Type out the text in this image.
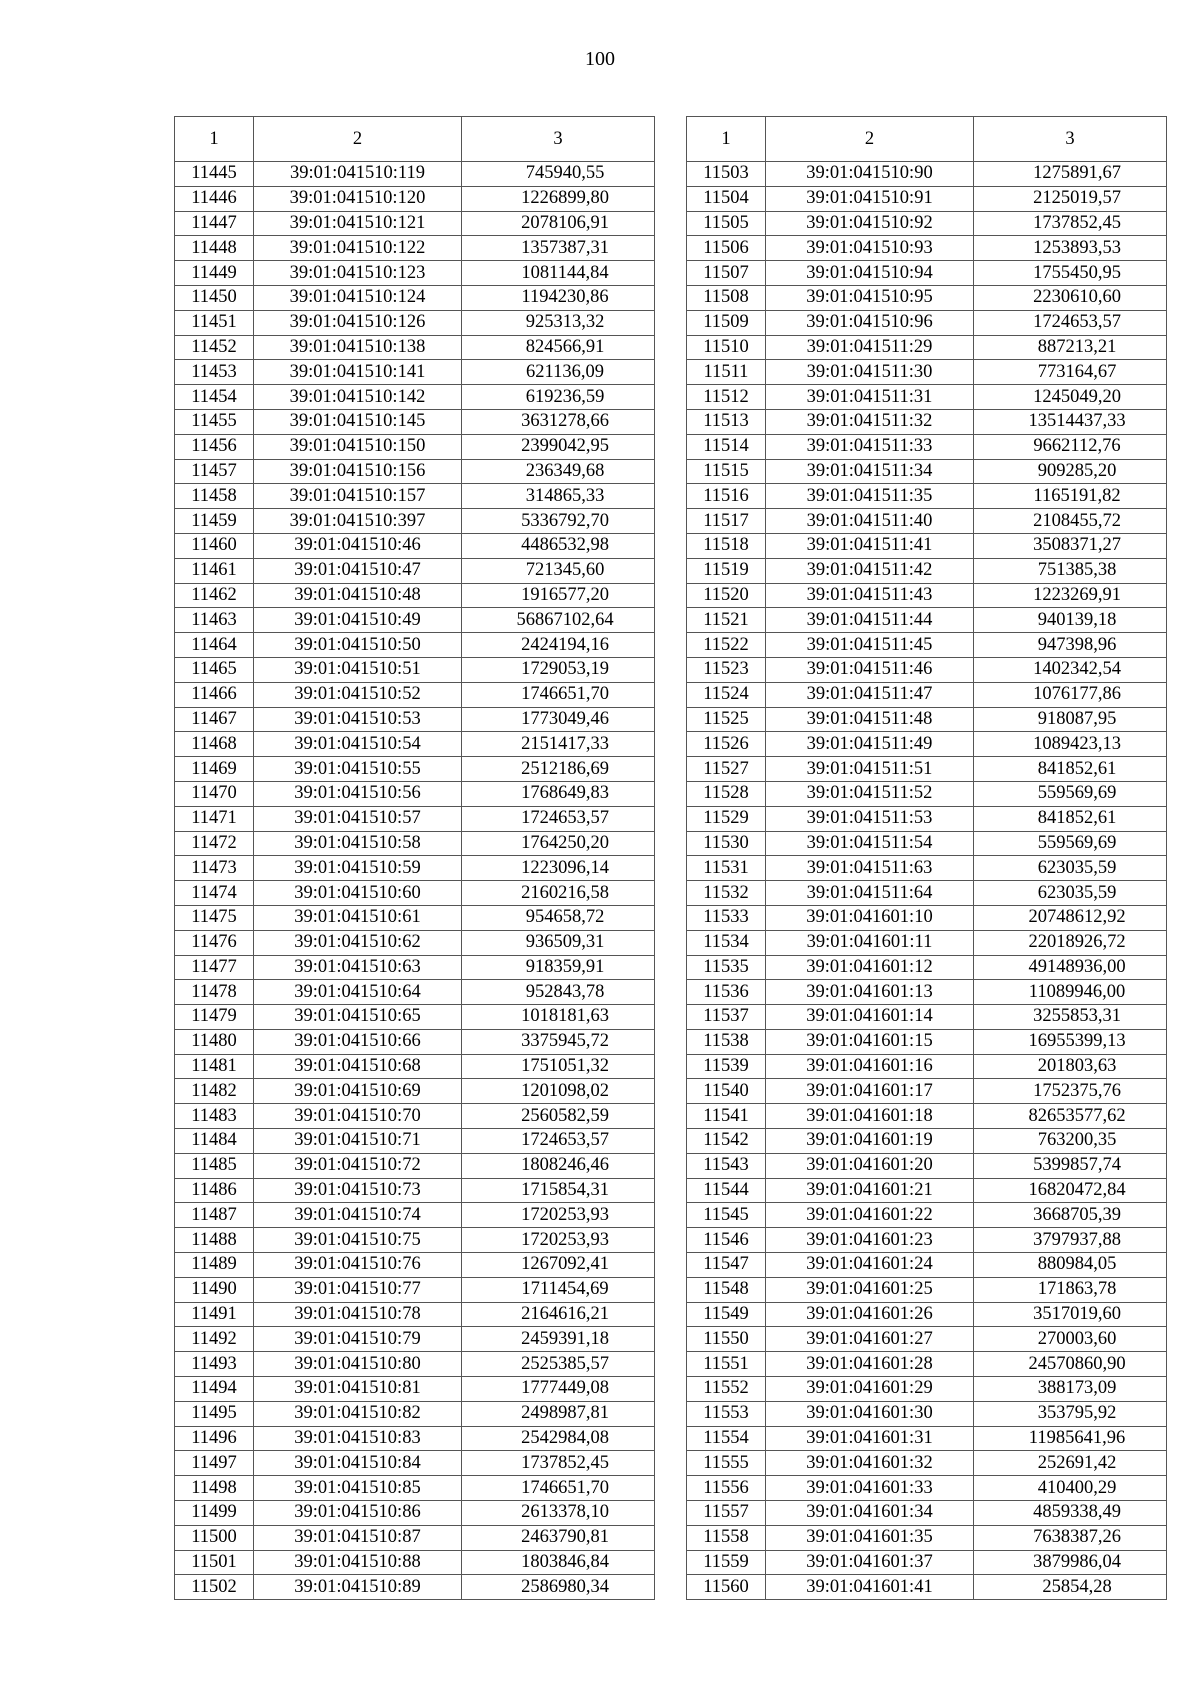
100
1	2	3
11445	39:01:041510:119	745940,55
11446	39:01:041510:120	1226899,80
11447	39:01:041510:121	2078106,91
11448	39:01:041510:122	1357387,31
11449	39:01:041510:123	1081144,84
11450	39:01:041510:124	1194230,86
11451	39:01:041510:126	925313,32
11452	39:01:041510:138	824566,91
11453	39:01:041510:141	621136,09
11454	39:01:041510:142	619236,59
11455	39:01:041510:145	3631278,66
11456	39:01:041510:150	2399042,95
11457	39:01:041510:156	236349,68
11458	39:01:041510:157	314865,33
11459	39:01:041510:397	5336792,70
11460	39:01:041510:46	4486532,98
11461	39:01:041510:47	721345,60
11462	39:01:041510:48	1916577,20
11463	39:01:041510:49	56867102,64
11464	39:01:041510:50	2424194,16
11465	39:01:041510:51	1729053,19
11466	39:01:041510:52	1746651,70
11467	39:01:041510:53	1773049,46
11468	39:01:041510:54	2151417,33
11469	39:01:041510:55	2512186,69
11470	39:01:041510:56	1768649,83
11471	39:01:041510:57	1724653,57
11472	39:01:041510:58	1764250,20
11473	39:01:041510:59	1223096,14
11474	39:01:041510:60	2160216,58
11475	39:01:041510:61	954658,72
11476	39:01:041510:62	936509,31
11477	39:01:041510:63	918359,91
11478	39:01:041510:64	952843,78
11479	39:01:041510:65	1018181,63
11480	39:01:041510:66	3375945,72
11481	39:01:041510:68	1751051,32
11482	39:01:041510:69	1201098,02
11483	39:01:041510:70	2560582,59
11484	39:01:041510:71	1724653,57
11485	39:01:041510:72	1808246,46
11486	39:01:041510:73	1715854,31
11487	39:01:041510:74	1720253,93
11488	39:01:041510:75	1720253,93
11489	39:01:041510:76	1267092,41
11490	39:01:041510:77	1711454,69
11491	39:01:041510:78	2164616,21
11492	39:01:041510:79	2459391,18
11493	39:01:041510:80	2525385,57
11494	39:01:041510:81	1777449,08
11495	39:01:041510:82	2498987,81
11496	39:01:041510:83	2542984,08
11497	39:01:041510:84	1737852,45
11498	39:01:041510:85	1746651,70
11499	39:01:041510:86	2613378,10
11500	39:01:041510:87	2463790,81
11501	39:01:041510:88	1803846,84
11502	39:01:041510:89	2586980,34
1	2	3
11503	39:01:041510:90	1275891,67
11504	39:01:041510:91	2125019,57
11505	39:01:041510:92	1737852,45
11506	39:01:041510:93	1253893,53
11507	39:01:041510:94	1755450,95
11508	39:01:041510:95	2230610,60
11509	39:01:041510:96	1724653,57
11510	39:01:041511:29	887213,21
11511	39:01:041511:30	773164,67
11512	39:01:041511:31	1245049,20
11513	39:01:041511:32	13514437,33
11514	39:01:041511:33	9662112,76
11515	39:01:041511:34	909285,20
11516	39:01:041511:35	1165191,82
11517	39:01:041511:40	2108455,72
11518	39:01:041511:41	3508371,27
11519	39:01:041511:42	751385,38
11520	39:01:041511:43	1223269,91
11521	39:01:041511:44	940139,18
11522	39:01:041511:45	947398,96
11523	39:01:041511:46	1402342,54
11524	39:01:041511:47	1076177,86
11525	39:01:041511:48	918087,95
11526	39:01:041511:49	1089423,13
11527	39:01:041511:51	841852,61
11528	39:01:041511:52	559569,69
11529	39:01:041511:53	841852,61
11530	39:01:041511:54	559569,69
11531	39:01:041511:63	623035,59
11532	39:01:041511:64	623035,59
11533	39:01:041601:10	20748612,92
11534	39:01:041601:11	22018926,72
11535	39:01:041601:12	49148936,00
11536	39:01:041601:13	11089946,00
11537	39:01:041601:14	3255853,31
11538	39:01:041601:15	16955399,13
11539	39:01:041601:16	201803,63
11540	39:01:041601:17	1752375,76
11541	39:01:041601:18	82653577,62
11542	39:01:041601:19	763200,35
11543	39:01:041601:20	5399857,74
11544	39:01:041601:21	16820472,84
11545	39:01:041601:22	3668705,39
11546	39:01:041601:23	3797937,88
11547	39:01:041601:24	880984,05
11548	39:01:041601:25	171863,78
11549	39:01:041601:26	3517019,60
11550	39:01:041601:27	270003,60
11551	39:01:041601:28	24570860,90
11552	39:01:041601:29	388173,09
11553	39:01:041601:30	353795,92
11554	39:01:041601:31	11985641,96
11555	39:01:041601:32	252691,42
11556	39:01:041601:33	410400,29
11557	39:01:041601:34	4859338,49
11558	39:01:041601:35	7638387,26
11559	39:01:041601:37	3879986,04
11560	39:01:041601:41	25854,28
